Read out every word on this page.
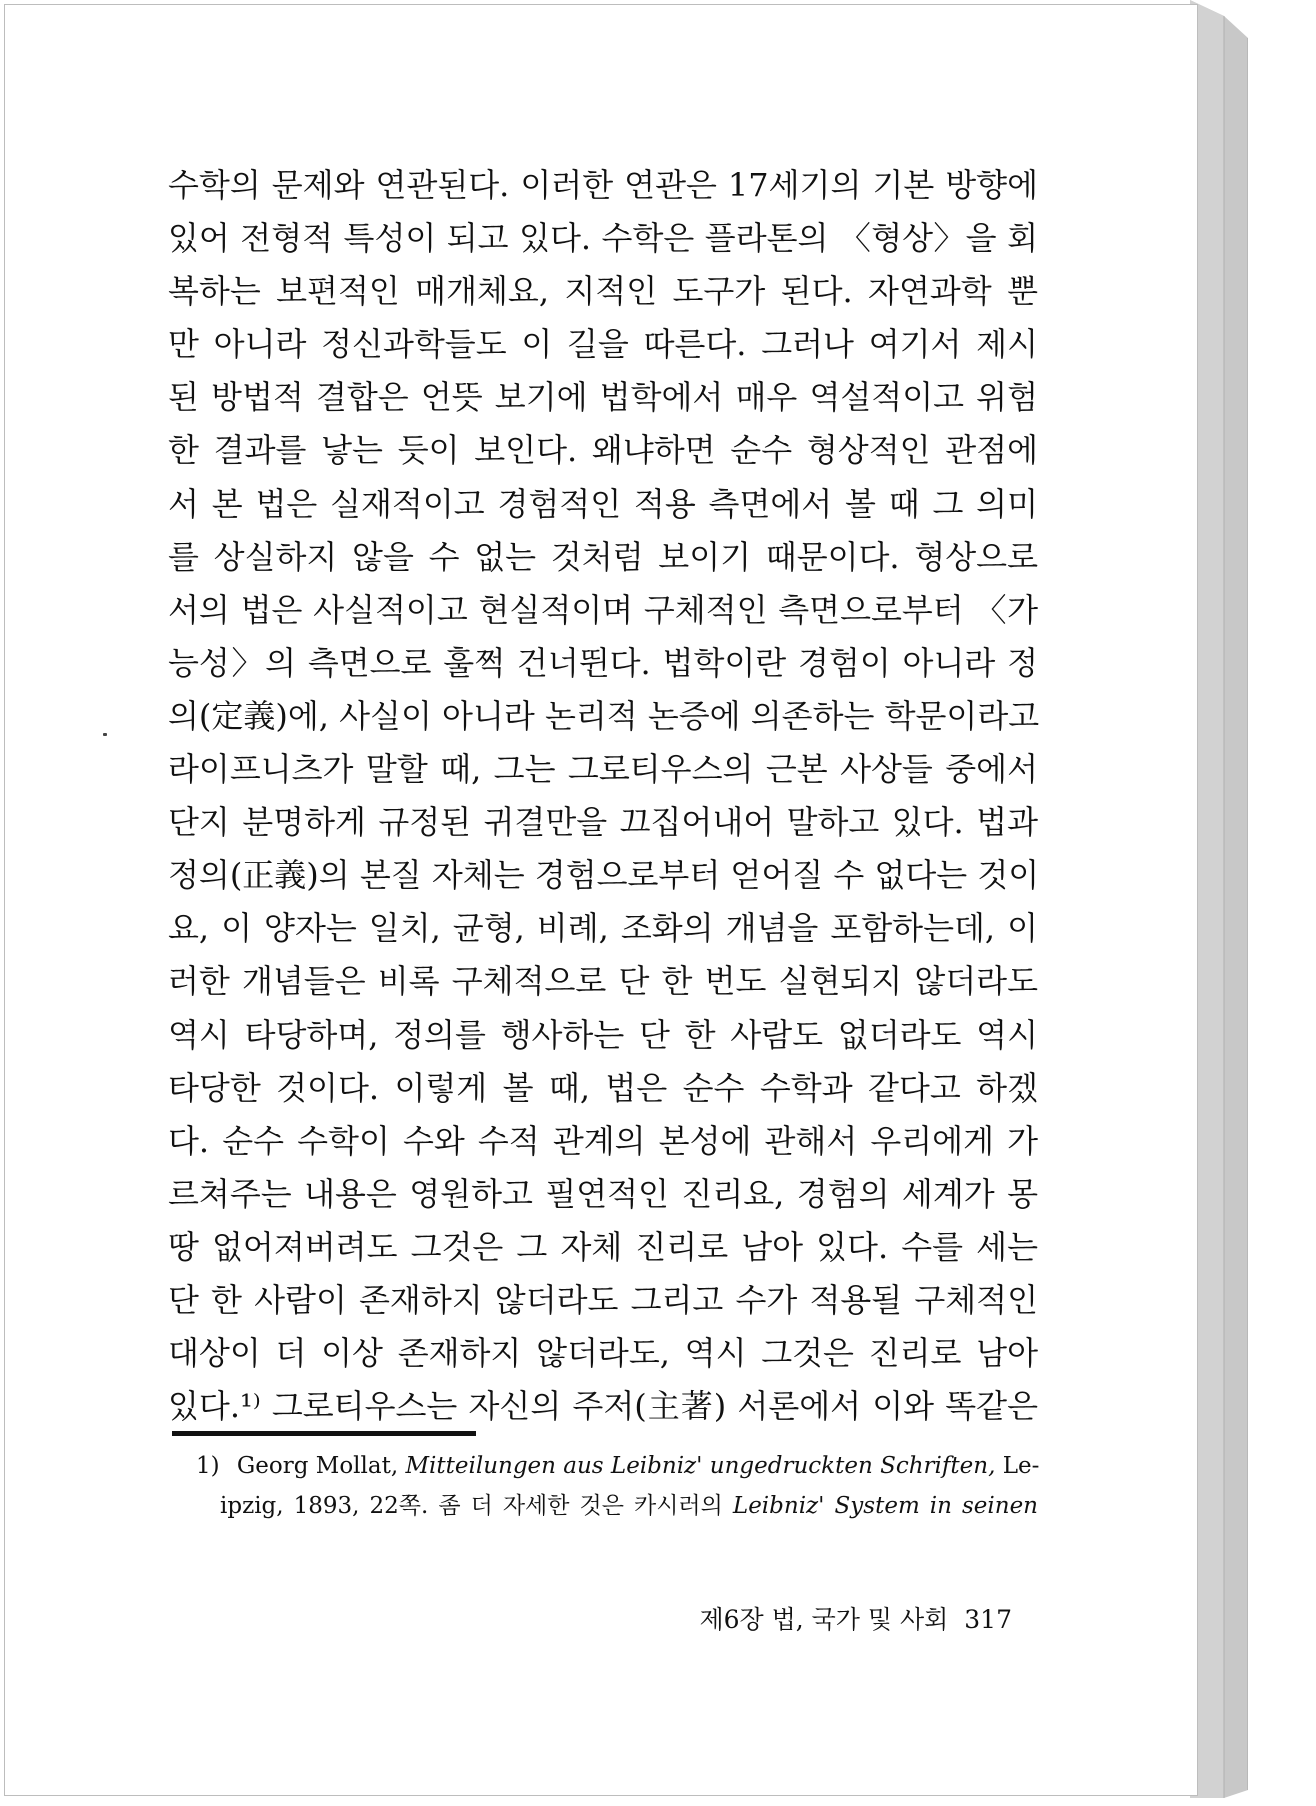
수학의 문제와 연관된다. 이러한 연관은 17세기의 기본 방향에
있어 전형적 특성이 되고 있다. 수학은 플라톤의 〈형상〉을 회
복하는 보편적인 매개체요, 지적인 도구가 된다. 자연과학 뿐
만 아니라 정신과학들도 이 길을 따른다. 그러나 여기서 제시
된 방법적 결합은 언뜻 보기에 법학에서 매우 역설적이고 위험
한 결과를 낳는 듯이 보인다. 왜냐하면 순수 형상적인 관점에
서 본 법은 실재적이고 경험적인 적용 측면에서 볼 때 그 의미
를 상실하지 않을 수 없는 것처럼 보이기 때문이다. 형상으로
서의 법은 사실적이고 현실적이며 구체적인 측면으로부터 〈가
능성〉의 측면으로 훌쩍 건너뛴다. 법학이란 경험이 아니라 정
의(定義)에, 사실이 아니라 논리적 논증에 의존하는 학문이라고
라이프니츠가 말할 때, 그는 그로티우스의 근본 사상들 중에서
단지 분명하게 규정된 귀결만을 끄집어내어 말하고 있다. 법과
정의(正義)의 본질 자체는 경험으로부터 얻어질 수 없다는 것이
요, 이 양자는 일치, 균형, 비례, 조화의 개념을 포함하는데, 이
러한 개념들은 비록 구체적으로 단 한 번도 실현되지 않더라도
역시 타당하며, 정의를 행사하는 단 한 사람도 없더라도 역시
타당한 것이다. 이렇게 볼 때, 법은 순수 수학과 같다고 하겠
다. 순수 수학이 수와 수적 관계의 본성에 관해서 우리에게 가
르쳐주는 내용은 영원하고 필연적인 진리요, 경험의 세계가 몽
땅 없어져버려도 그것은 그 자체 진리로 남아 있다. 수를 세는
단 한 사람이 존재하지 않더라도 그리고 수가 적용될 구체적인
대상이 더 이상 존재하지 않더라도, 역시 그것은 진리로 남아
있다.¹⁾ 그로티우스는 자신의 주저(主著) 서론에서 이와 똑같은
1) Georg Mollat, Mitteilungen aus Leibniz' ungedruckten Schriften, Le-
ipzig, 1893, 22쪽. 좀 더 자세한 것은 카시러의 Leibniz' System in seinen
제6장 법, 국가 및 사회 317
